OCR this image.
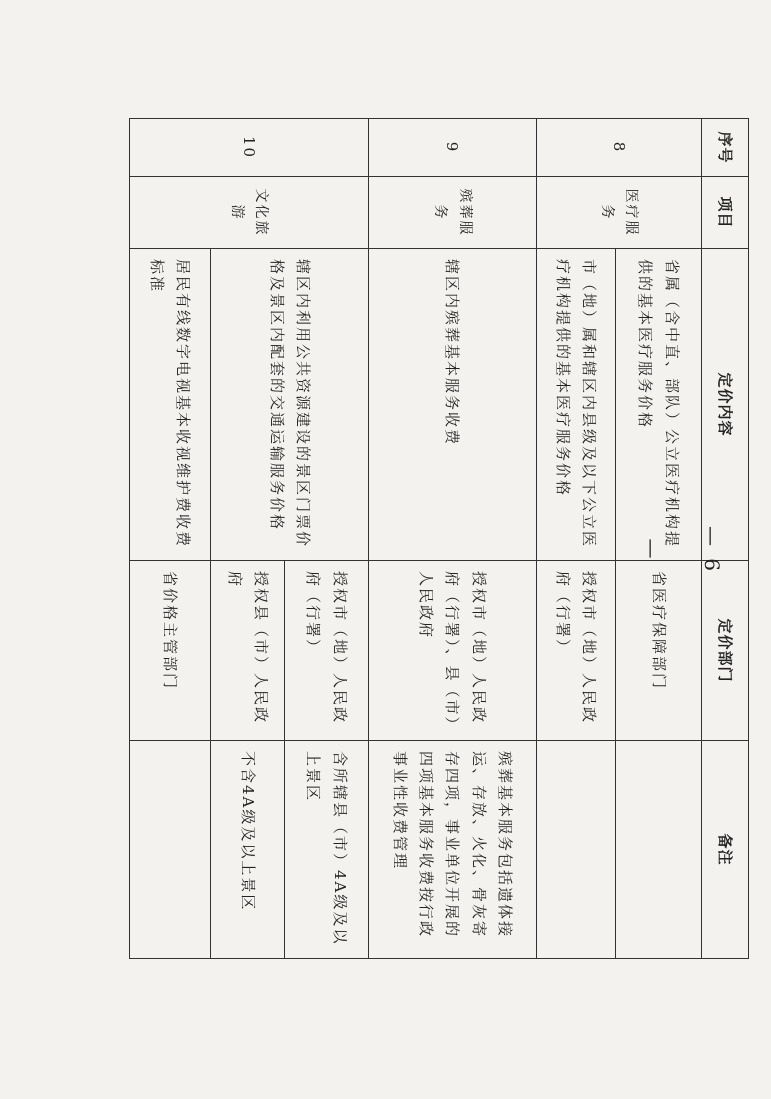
序号	项目	定价内容	定价部门	备注
8	医疗服务	省属（含中直、部队）公立医疗机构提供的基本医疗服务价格	省医疗保障部门	
		市（地）属和辖区内县级及以下公立医疗机构提供的基本医疗服务价格	授权市（地）人民政府（行署）	
9	殡葬服务	辖区内殡葬基本服务收费	授权市（地）人民政府（行署）、县（市）人民政府	殡葬基本服务包括遗体接运、存放、火化、骨灰寄存四项，事业单位开展的四项基本服务收费按行政事业性收费管理
10	文化旅游	辖区内利用公共资源建设的景区门票价格及景区内配套的交通运输服务价格	授权市（地）人民政府（行署）	含所辖县（市）4A级及以上景区
			授权县（市）人民政府	不含4A级及以上景区
		居民有线数字电视基本收视维护费收费标准	省价格主管部门	
— 6 —
